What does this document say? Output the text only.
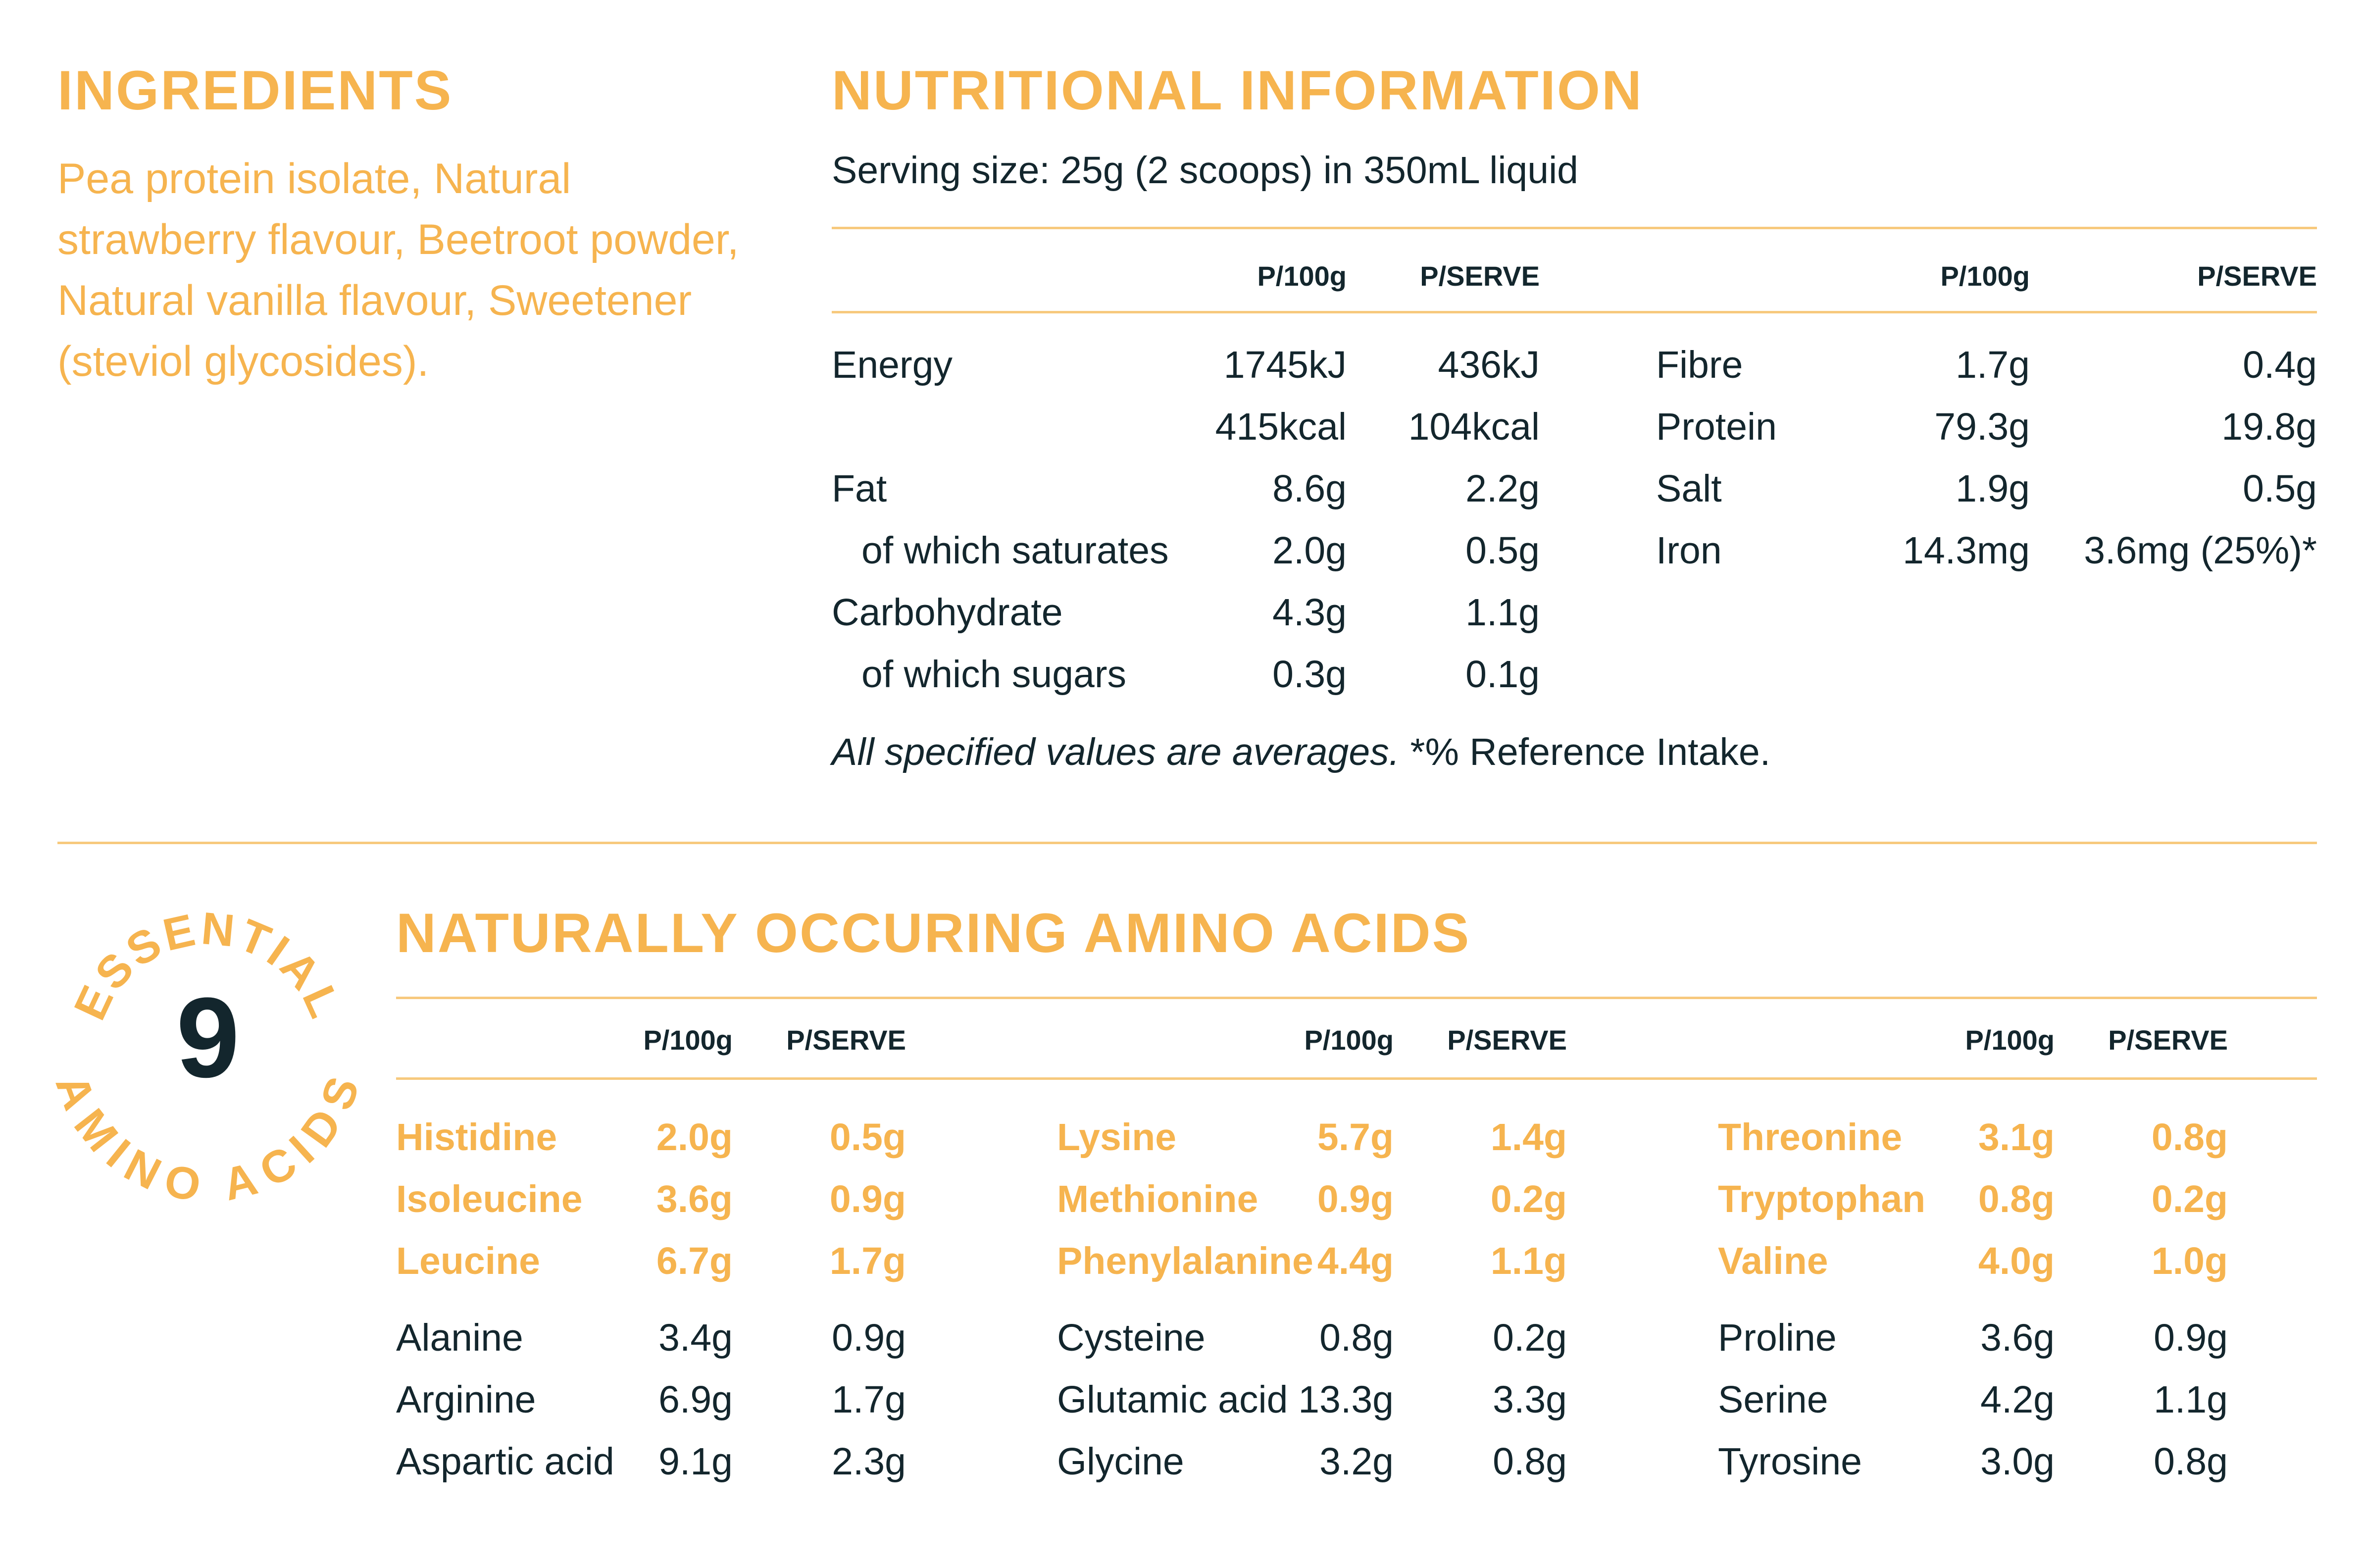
INGREDIENTS
Pea protein isolate, Natural strawberry flavour, Beetroot powder, Natural vanilla flavour, Sweetener (steviol glycosides).
NUTRITIONAL INFORMATION
Serving size: 25g (2 scoops) in 350mL liquid
P/100g	P/SERVE	P/100g	P/SERVE
Energy	1745kJ	436kJ
415kcal	104kcal
Fat	8.6g	2.2g
of which saturates	2.0g	0.5g
Carbohydrate	4.3g	1.1g
of which sugars	0.3g	0.1g
Fibre	1.7g	0.4g
Protein	79.3g	19.8g
Salt	1.9g	0.5g
Iron	14.3mg	3.6mg (25%)*
All specified values are averages. *% Reference Intake.
ESSENTIAL
AMINO ACIDS
9
NATURALLY OCCURING AMINO ACIDS
P/100g	P/SERVE	P/100g	P/SERVE	P/100g	P/SERVE
Histidine	2.0g	0.5g
Isoleucine	3.6g	0.9g
Leucine	6.7g	1.7g
Alanine	3.4g	0.9g
Arginine	6.9g	1.7g
Aspartic acid	9.1g	2.3g
Lysine	5.7g	1.4g
Methionine	0.9g	0.2g
Phenylalanine 4.4g	1.1g
Cysteine	0.8g	0.2g
Glutamic acid 13.3g	3.3g
Glycine	3.2g	0.8g
Threonine	3.1g	0.8g
Tryptophan	0.8g	0.2g
Valine	4.0g	1.0g
Proline	3.6g	0.9g
Serine	4.2g	1.1g
Tyrosine	3.0g	0.8g
